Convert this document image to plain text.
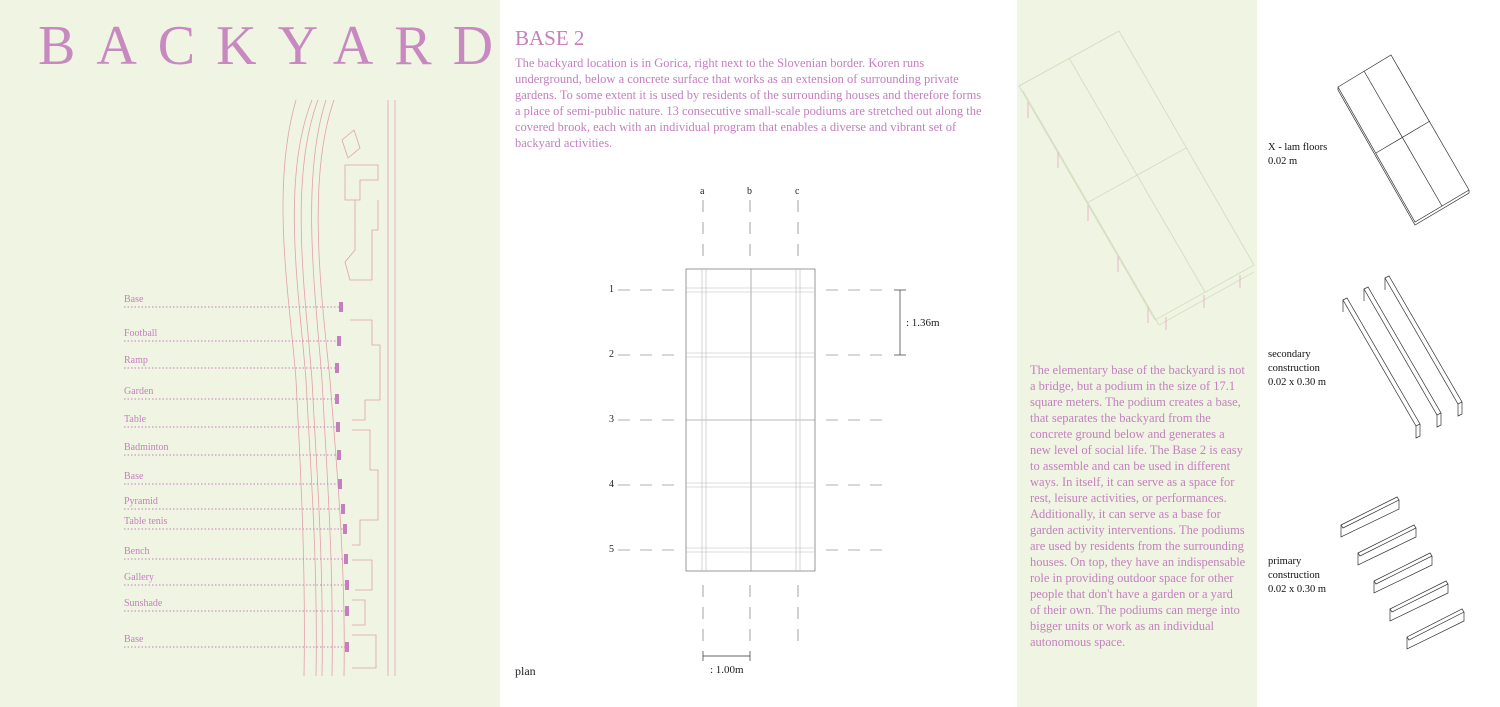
BACKYARD
Base
Football
Ramp
Garden
Table
Badminton
Base
Pyramid
Table tenis
Bench
Gallery
Sunshade
Base
BASE 2

The backyard location is in Gorica, right next to the Slovenian border. Koren runs underground, below a concrete surface that works as an extension of surrounding private gardens. To some extent it is used by residents of the surrounding houses and therefore forms a place of semi-public nature. 13 consecutive small-scale podiums are stretched out along the covered brook, each with an individual program that enables a diverse and vibrant set of backyard activities.

a	b	c
1
2
3
4
5
: 1.36m
: 1.00m
plan

The elementary base of the backyard is not a bridge, but a podium in the size of 17.1 square meters. The podium creates a base, that separates the backyard from the concrete ground below and generates a new level of social life. The Base 2 is easy to assemble and can be used in different ways. In itself, it can serve as a space for rest, leisure activities, or performances. Additionally, it can serve as a base for garden activity interventions. The podiums are used by residents from the surrounding houses. On top, they have an indispensable role in providing outdoor space for other people that don't have a garden or a yard of their own. The podiums can merge into bigger units or work as an individual autonomous space.

X - lam floors
0.02 m
secondary construction
0.02 x 0.30 m
primary construction
0.02 x 0.30 m
